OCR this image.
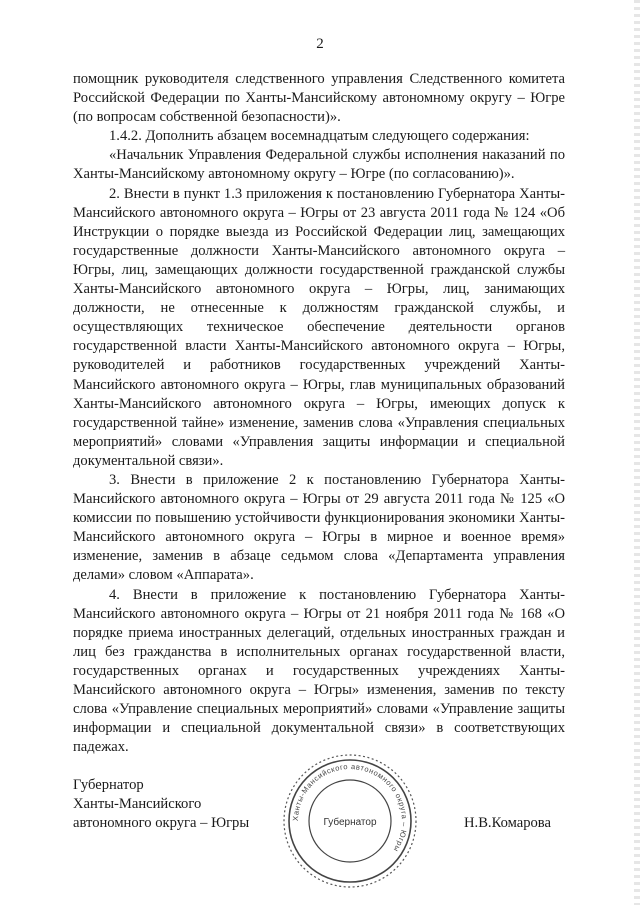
2

помощник руководителя следственного управления Следственного комитета Российской Федерации по Ханты-Мансийскому автономному округу – Югре (по вопросам собственной безопасности)».

1.4.2. Дополнить абзацем восемнадцатым следующего содержания:

«Начальник Управления Федеральной службы исполнения наказаний по Ханты-Мансийскому автономному округу – Югре (по согласованию)».

2. Внести в пункт 1.3 приложения к постановлению Губернатора Ханты-Мансийского автономного округа – Югры от 23 августа 2011 года № 124 «Об Инструкции о порядке выезда из Российской Федерации лиц, замещающих государственные должности Ханты-Мансийского автономного округа – Югры, лиц, замещающих должности государственной гражданской службы Ханты-Мансийского автономного округа – Югры, лиц, занимающих должности, не отнесенные к должностям гражданской службы, и осуществляющих техническое обеспечение деятельности органов государственной власти Ханты-Мансийского автономного округа – Югры, руководителей и работников государственных учреждений Ханты-Мансийского автономного округа – Югры, глав муниципальных образований Ханты-Мансийского автономного округа – Югры, имеющих допуск к государственной тайне» изменение, заменив слова «Управления специальных мероприятий» словами «Управления защиты информации и специальной документальной связи».

3. Внести в приложение 2 к постановлению Губернатора Ханты-Мансийского автономного округа – Югры от 29 августа 2011 года № 125 «О комиссии по повышению устойчивости функционирования экономики Ханты-Мансийского автономного округа – Югры в мирное и военное время» изменение, заменив в абзаце седьмом слова «Департамента управления делами» словом «Аппарата».

4. Внести в приложение к постановлению Губернатора Ханты-Мансийского автономного округа – Югры от 21 ноября 2011 года № 168 «О порядке приема иностранных делегаций, отдельных иностранных граждан и лиц без гражданства в исполнительных органах государственной власти, государственных органах и государственных учреждениях Ханты-Мансийского автономного округа – Югры» изменения, заменив по тексту слова «Управление специальных мероприятий» словами «Управление защиты информации и специальной документальной связи» в соответствующих падежах.

Губернатор
Ханты-Мансийского
автономного округа – Югры	Ханты-Мансийского автономного округа – Югры
Губернатор	Н.В.Комарова
